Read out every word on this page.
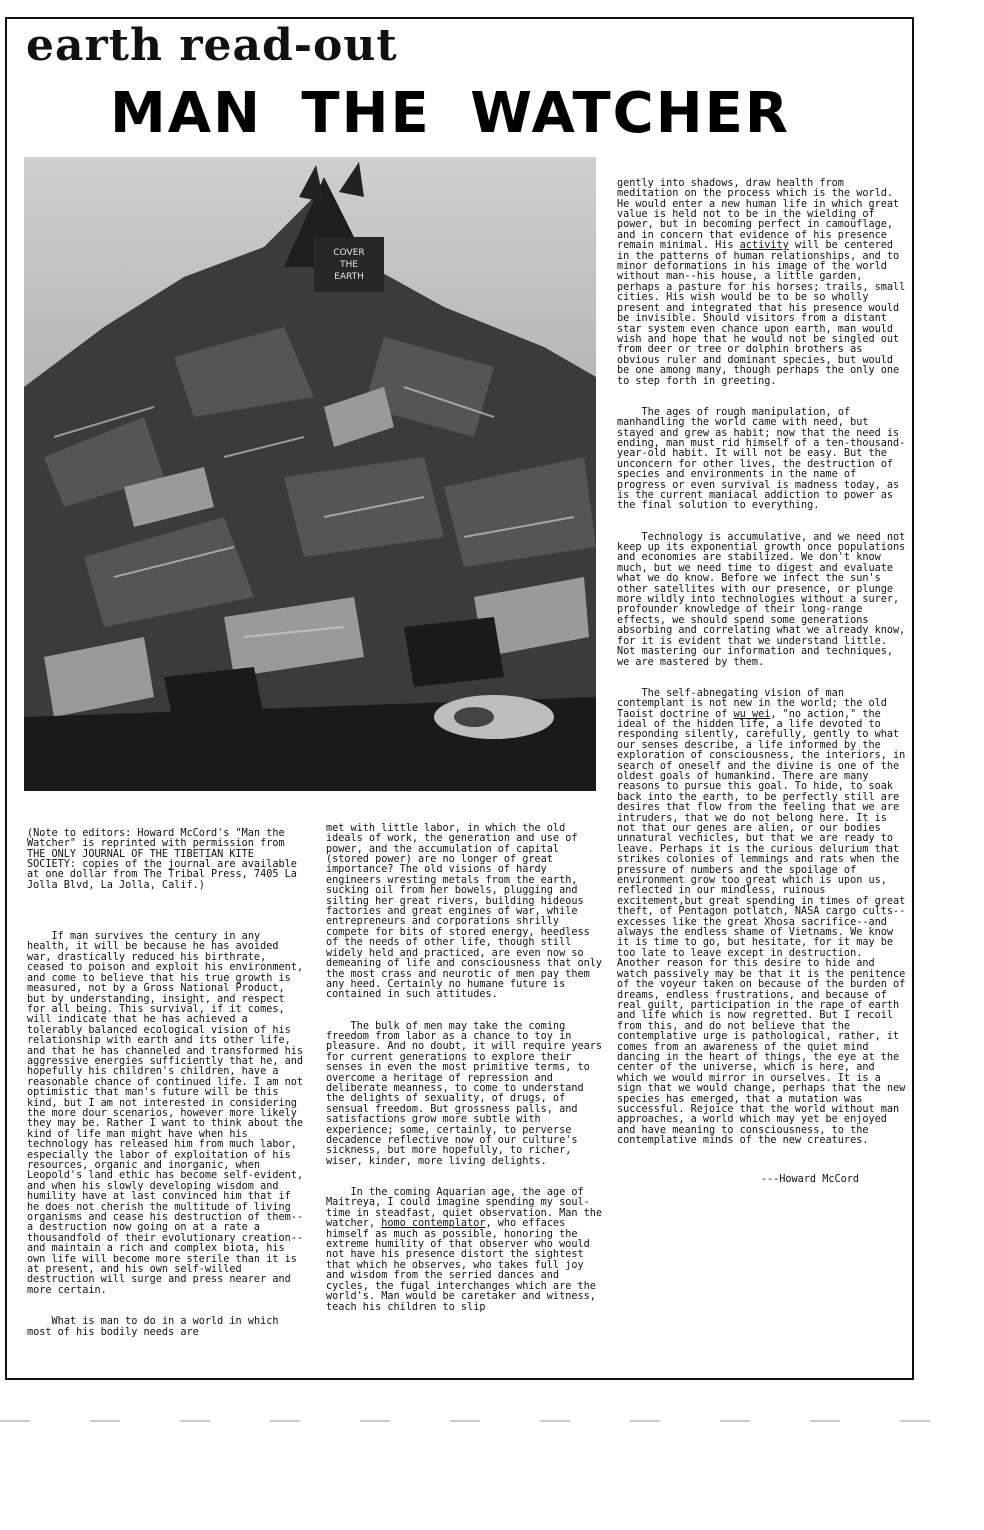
earth read-out
MAN THE WATCHER
COVER
THE
EARTH

(Note to editors: Howard McCord's "Man the Watcher" is reprinted with permission from THE ONLY JOURNAL OF THE TIBETIAN KITE SOCIETY: copies of the journal are available at one dollar from The Tribal Press, 7405 La Jolla Blvd, La Jolla, Calif.)

If man survives the century in any health, it will be because he has avoided war, drastically reduced his birthrate, ceased to poison and exploit his environment, and come to believe that his true growth is measured, not by a Gross National Product, but by understanding, insight, and respect for all being. This survival, if it comes, will indicate that he has achieved a tolerably balanced ecological vision of his relationship with earth and its other life, and that he has channeled and transformed his aggressive energies sufficiently that he, and hopefully his children's children, have a reasonable chance of continued life. I am not optimistic that man's future will be this kind, but I am not interested in considering the more dour scenarios, however more likely they may be. Rather I want to think about the kind of life man might have when his technology has released him from much labor, especially the labor of exploitation of his resources, organic and inorganic, when Leopold's land ethic has become self-evident, and when his slowly developing wisdom and humility have at last convinced him that if he does not cherish the multitude of living organisms and cease his destruction of them--a destruction now going on at a rate a thousandfold of their evolutionary creation--and maintain a rich and complex biota, his own life will become more sterile than it is at present, and his own self-willed destruction will surge and press nearer and more certain.

What is man to do in a world in which most of his bodily needs are

met with little labor, in which the old ideals of work, the generation and use of power, and the accumulation of capital (stored power) are no longer of great importance? The old visions of hardy engineers wresting metals from the earth, sucking oil from her bowels, plugging and silting her great rivers, building hideous factories and great engines of war, while entrepreneurs and corporations shrilly compete for bits of stored energy, heedless of the needs of other life, though still widely held and practiced, are even now so demeaning of life and consciousness that only the most crass and neurotic of men pay them any heed. Certainly no humane future is contained in such attitudes.

The bulk of men may take the coming freedom from labor as a chance to toy in pleasure. And no doubt, it will require years for current generations to explore their senses in even the most primitive terms, to overcome a heritage of repression and deliberate meanness, to come to understand the delights of sexuality, of drugs, of sensual freedom. But grossness palls, and satisfactions grow more subtle with experience; some, certainly, to perverse decadence reflective now of our culture's sickness, but more hopefully, to richer, wiser, kinder, more living delights.

In the coming Aquarian age, the age of Maitreya, I could imagine spending my soul-time in steadfast, quiet observation. Man the watcher, homo contemplator, who effaces himself as much as possible, honoring the extreme humility of that observer who would not have his presence distort the sightest that which he observes, who takes full joy and wisdom from the serried dances and cycles, the fugal interchanges which are the world's. Man would be caretaker and witness, teach his children to slip

gently into shadows, draw health from meditation on the process which is the world. He would enter a new human life in which great value is held not to be in the wielding of power, but in becoming perfect in camouflage, and in concern that evidence of his presence remain minimal. His activity will be centered in the patterns of human relationships, and to minor deformations in his image of the world without man--his house, a little garden, perhaps a pasture for his horses; trails, small cities. His wish would be to be so wholly present and integrated that his presence would be invisible. Should visitors from a distant star system even chance upon earth, man would wish and hope that he would not be singled out from deer or tree or dolphin brothers as obvious ruler and dominant species, but would be one among many, though perhaps the only one to step forth in greeting.

The ages of rough manipulation, of manhandling the world came with need, but stayed and grew as habit; now that the need is ending, man must rid himself of a ten-thousand-year-old habit. It will not be easy. But the unconcern for other lives, the destruction of species and environments in the name of progress or even survival is madness today, as is the current maniacal addiction to power as the final solution to everything.

Technology is accumulative, and we need not keep up its exponential growth once populations and economies are stabilized. We don't know much, but we need time to digest and evaluate what we do know. Before we infect the sun's other satellites with our presence, or plunge more wildly into technologies without a surer, profounder knowledge of their long-range effects, we should spend some generations absorbing and correlating what we already know, for it is evident that we understand little. Not mastering our information and techniques, we are mastered by them.

The self-abnegating vision of man contemplant is not new in the world; the old Taoist doctrine of wu wei, "no action," the ideal of the hidden life, a life devoted to responding silently, carefully, gently to what our senses describe, a life informed by the exploration of consciousness, the interiors, in search of oneself and the divine is one of the oldest goals of humankind. There are many reasons to pursue this goal. To hide, to soak back into the earth, to be perfectly still are desires that flow from the feeling that we are intruders, that we do not belong here. It is not that our genes are alien, or our bodies unnatural vechicles, but that we are ready to leave. Perhaps it is the curious delurium that strikes colonies of lemmings and rats when the pressure of numbers and the spoilage of environment grow too great which is upon us, reflected in our mindless, ruinous excitement,but great spending in times of great theft, of Pentagon potlatch, NASA cargo cults--excesses like the great Xhosa sacrifice--and always the endless shame of Vietnams. We know it is time to go, but hesitate, for it may be too late to leave except in destruction. Another reason for this desire to hide and watch passively may be that it is the penitence of the voyeur taken on because of the burden of dreams, endless frustrations, and because of real guilt, participation in the rape of earth and life which is now regretted. But I recoil from this, and do not believe that the contemplative urge is pathological, rather, it comes from an awareness of the quiet mind dancing in the heart of things, the eye at the center of the universe, which is here, and which we would mirror in ourselves. It is a sign that we would change, perhaps that the new species has emerged, that a mutation was successful. Rejoice that the world without man approaches, a world which may yet be enjoyed and have meaning to consciousness, to the contemplative minds of the new creatures.

---Howard McCord
